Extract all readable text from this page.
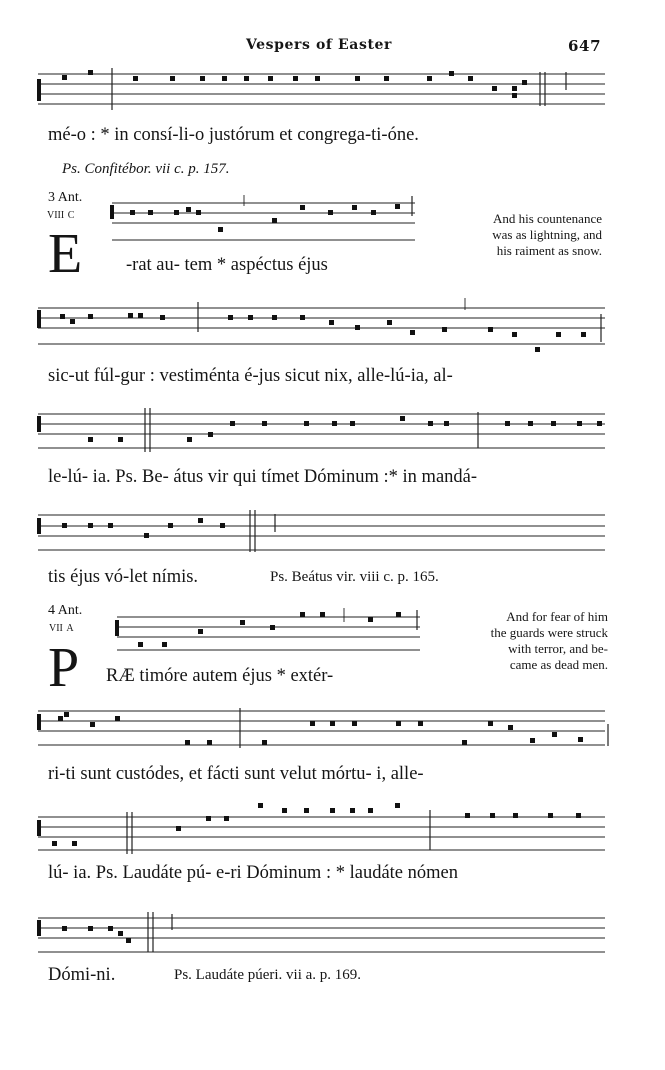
Vespers of Easter	647
mé-o : * in consí-li-o justórum et congrega-ti-óne.
Ps. Confitébor. vii c. p. 157.
3 Ant.
viii c
E -rat au- tem * aspéctus éjus
And his countenance
was as lightning, and
his raiment as snow.
sic-ut fúl-gur : vestiménta é-jus sicut nix, alle-lú-ia, al-
le-lú- ia. Ps. Be- átus vir qui tímet Dóminum :* in mandá-
tis éjus vó-let nímis.	Ps. Beátus vir. viii c. p. 165.
4 Ant.
vii a
P RÆ timóre autem éjus * extér-
And for fear of him
the guards were struck
with terror, and be-
came as dead men.
ri-ti sunt custódes, et fácti sunt velut mórtu- i, alle-
lú- ia. Ps. Laudáte pú- e-ri Dóminum : * laudáte nómen
Dómi-ni.	Ps. Laudáte púeri. vii a. p. 169.
